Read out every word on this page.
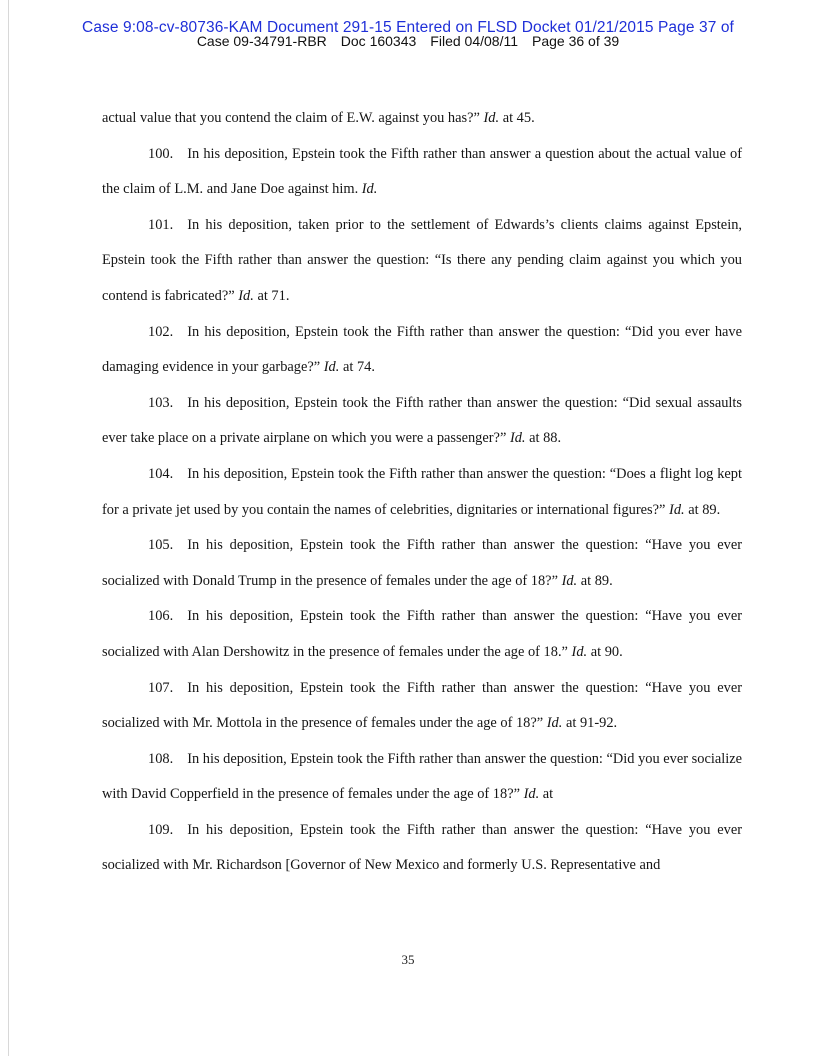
Case 9:08-cv-80736-KAM Document 291-15 Entered on FLSD Docket 01/21/2015 Page 37 of
Case 09-34791-RBR Doc 160343 Filed 04/08/11 Page 36 of 39

actual value that you contend the claim of E.W. against you has?” Id. at 45.

100. In his deposition, Epstein took the Fifth rather than answer a question about the actual value of the claim of L.M. and Jane Doe against him. Id.

101. In his deposition, taken prior to the settlement of Edwards’s clients claims against Epstein, Epstein took the Fifth rather than answer the question: “Is there any pending claim against you which you contend is fabricated?” Id. at 71.

102. In his deposition, Epstein took the Fifth rather than answer the question: “Did you ever have damaging evidence in your garbage?” Id. at 74.

103. In his deposition, Epstein took the Fifth rather than answer the question: “Did sexual assaults ever take place on a private airplane on which you were a passenger?” Id. at 88.

104. In his deposition, Epstein took the Fifth rather than answer the question: “Does a flight log kept for a private jet used by you contain the names of celebrities, dignitaries or international figures?” Id. at 89.

105. In his deposition, Epstein took the Fifth rather than answer the question: “Have you ever socialized with Donald Trump in the presence of females under the age of 18?” Id. at 89.

106. In his deposition, Epstein took the Fifth rather than answer the question: “Have you ever socialized with Alan Dershowitz in the presence of females under the age of 18.” Id. at 90.

107. In his deposition, Epstein took the Fifth rather than answer the question: “Have you ever socialized with Mr. Mottola in the presence of females under the age of 18?” Id. at 91-92.

108. In his deposition, Epstein took the Fifth rather than answer the question: “Did you ever socialize with David Copperfield in the presence of females under the age of 18?” Id. at

109. In his deposition, Epstein took the Fifth rather than answer the question: “Have you ever socialized with Mr. Richardson [Governor of New Mexico and formerly U.S. Representative and

35
